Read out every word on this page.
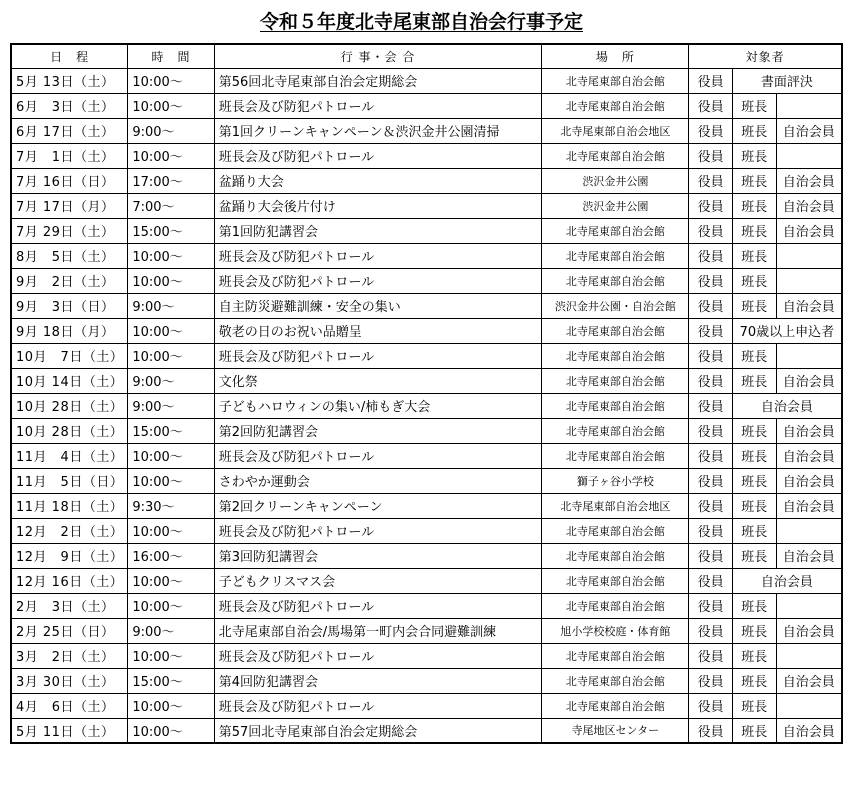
令和５年度北寺尾東部自治会行事予定
日　程	時　間	行 事・会 合	場　所	対象者		
5月 13日（土）	10:00～	第56回北寺尾東部自治会定期総会	北寺尾東部自治会館	役員	書面評決	
6月　3日（土）	10:00～	班長会及び防犯パトロール	北寺尾東部自治会館	役員	班長	
6月 17日（土）	9:00～	第1回クリーンキャンペーン＆渋沢金井公園清掃	北寺尾東部自治会地区	役員	班長	自治会員
7月　1日（土）	10:00～	班長会及び防犯パトロール	北寺尾東部自治会館	役員	班長	
7月 16日（日）	17:00～	盆踊り大会	渋沢金井公園	役員	班長	自治会員
7月 17日（月）	7:00～	盆踊り大会後片付け	渋沢金井公園	役員	班長	自治会員
7月 29日（土）	15:00～	第1回防犯講習会	北寺尾東部自治会館	役員	班長	自治会員
8月　5日（土）	10:00～	班長会及び防犯パトロール	北寺尾東部自治会館	役員	班長	
9月　2日（土）	10:00～	班長会及び防犯パトロール	北寺尾東部自治会館	役員	班長	
9月　3日（日）	9:00～	自主防災避難訓練・安全の集い	渋沢金井公園・自治会館	役員	班長	自治会員
9月 18日（月）	10:00～	敬老の日のお祝い品贈呈	北寺尾東部自治会館	役員	70歳以上申込者	
10月　7日（土）	10:00～	班長会及び防犯パトロール	北寺尾東部自治会館	役員	班長	
10月 14日（土）	9:00～	文化祭	北寺尾東部自治会館	役員	班長	自治会員
10月 28日（土）	9:00～	子どもハロウィンの集い/柿もぎ大会	北寺尾東部自治会館	役員	自治会員	
10月 28日（土）	15:00～	第2回防犯講習会	北寺尾東部自治会館	役員	班長	自治会員
11月　4日（土）	10:00～	班長会及び防犯パトロール	北寺尾東部自治会館	役員	班長	自治会員
11月　5日（日）	10:00～	さわやか運動会	獅子ヶ谷小学校	役員	班長	自治会員
11月 18日（土）	9:30～	第2回クリーンキャンペーン	北寺尾東部自治会地区	役員	班長	自治会員
12月　2日（土）	10:00～	班長会及び防犯パトロール	北寺尾東部自治会館	役員	班長	
12月　9日（土）	16:00～	第3回防犯講習会	北寺尾東部自治会館	役員	班長	自治会員
12月 16日（土）	10:00～	子どもクリスマス会	北寺尾東部自治会館	役員	自治会員	
2月　3日（土）	10:00～	班長会及び防犯パトロール	北寺尾東部自治会館	役員	班長	
2月 25日（日）	9:00～	北寺尾東部自治会/馬場第一町内会合同避難訓練	旭小学校校庭・体育館	役員	班長	自治会員
3月　2日（土）	10:00～	班長会及び防犯パトロール	北寺尾東部自治会館	役員	班長	
3月 30日（土）	15:00～	第4回防犯講習会	北寺尾東部自治会館	役員	班長	自治会員
4月　6日（土）	10:00～	班長会及び防犯パトロール	北寺尾東部自治会館	役員	班長	
5月 11日（土）	10:00～	第57回北寺尾東部自治会定期総会	寺尾地区センター	役員	班長	自治会員
